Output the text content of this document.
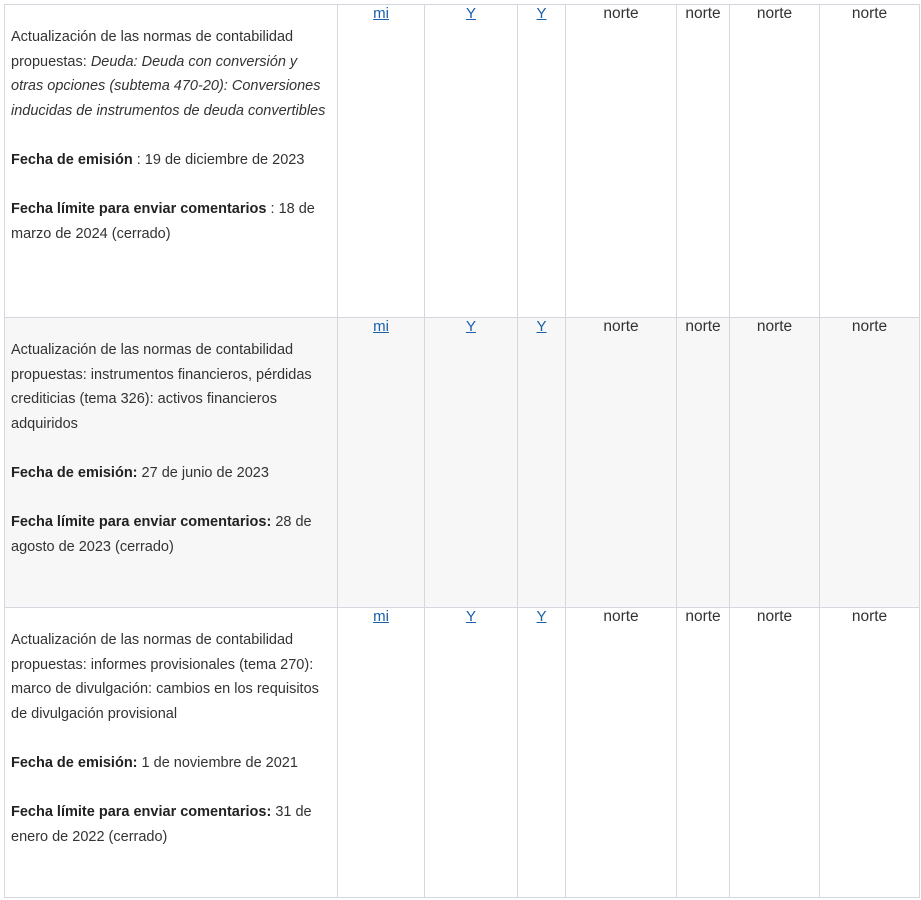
Actualización de las normas de contabilidad propuestas: Deuda: Deuda con conversión y otras opciones (subtema 470-20): Conversiones inducidas de instrumentos de deuda convertibles

Fecha de emisión : 19 de diciembre de 2023

Fecha límite para enviar comentarios : 18 de marzo de 2024 (cerrado)	mi	Y	Y	norte	norte	norte	norte

Actualización de las normas de contabilidad propuestas: instrumentos financieros, pérdidas crediticias (tema 326): activos financieros adquiridos

Fecha de emisión: 27 de junio de 2023

Fecha límite para enviar comentarios: 28 de agosto de 2023 (cerrado)	mi	Y	Y	norte	norte	norte	norte

Actualización de las normas de contabilidad propuestas: informes provisionales (tema 270): marco de divulgación: cambios en los requisitos de divulgación provisional

Fecha de emisión: 1 de noviembre de 2021

Fecha límite para enviar comentarios: 31 de enero de 2022 (cerrado)	mi	Y	Y	norte	norte	norte	norte
